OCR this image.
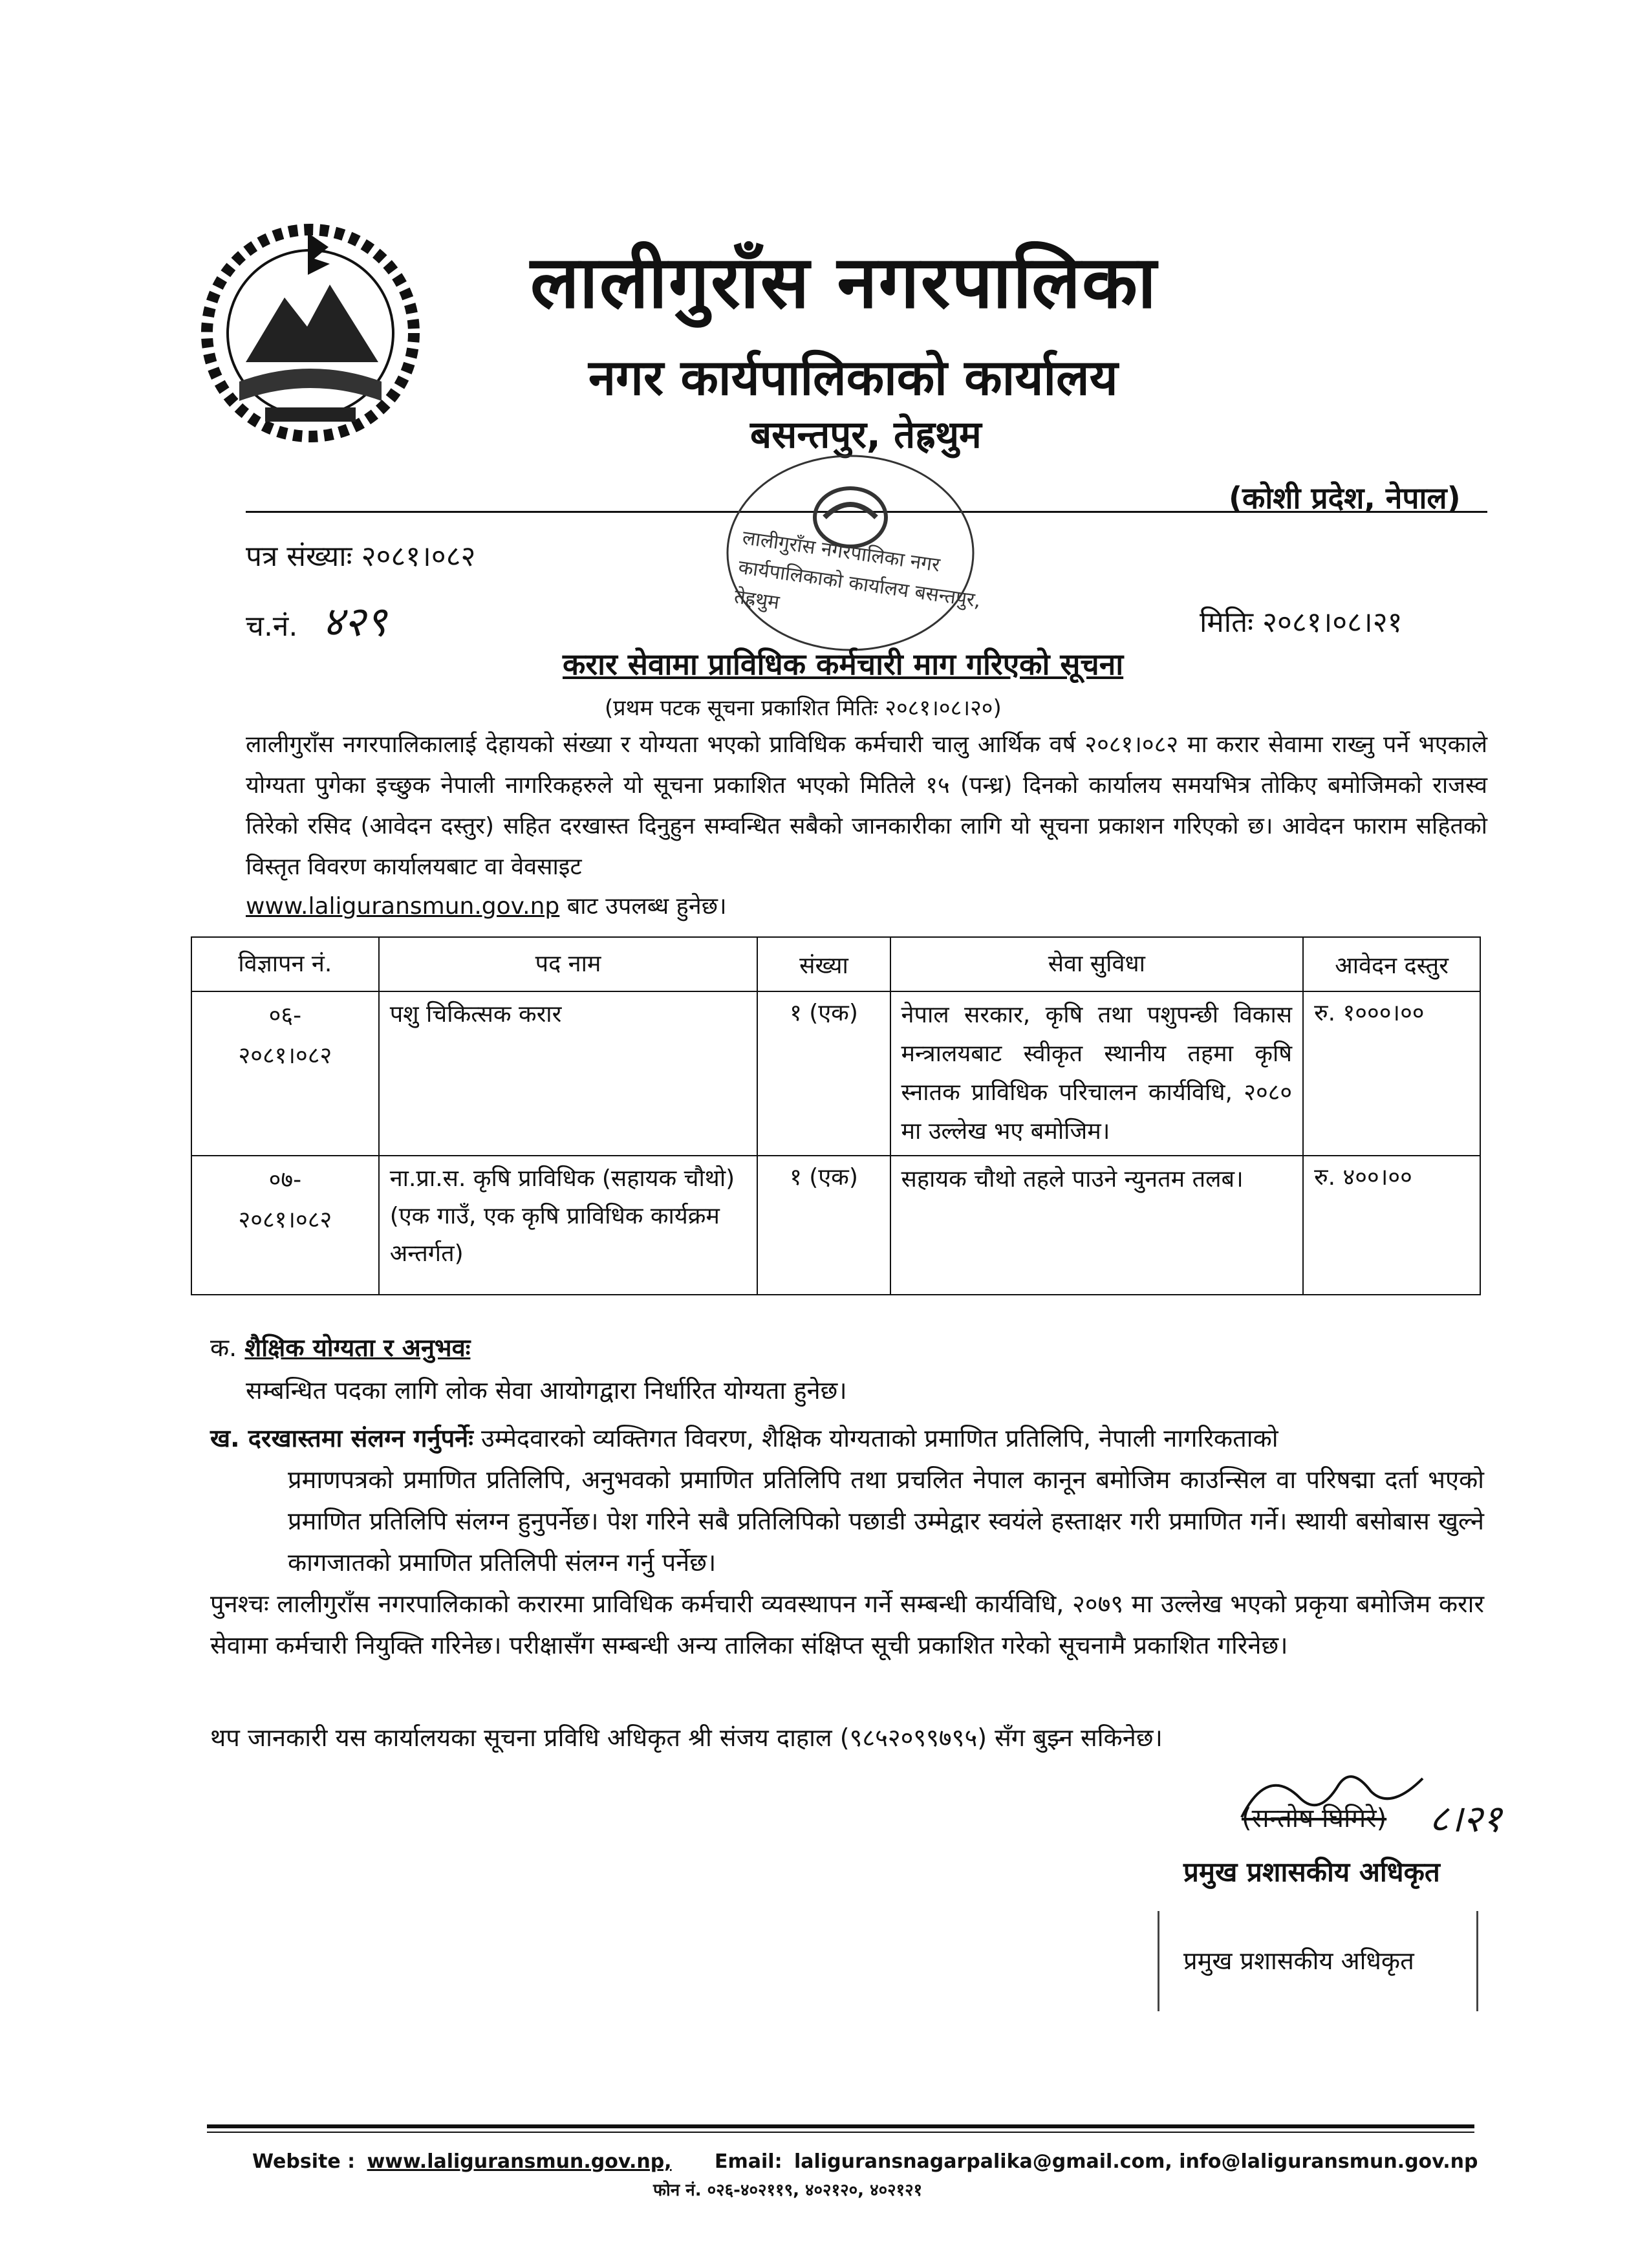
लालीगुराँस नगरपालिका
नगर कार्यपालिकाको कार्यालय
बसन्तपुर, तेह्रथुम
(कोशी प्रदेश, नेपाल)
लालीगुराँस नगरपालिका नगर कार्यपालिकाको कार्यालय बसन्तपुर, तेह्रथुम
पत्र संख्याः २०८१।०८२
च.नं. ४२९	मितिः २०८१।०८।२१
करार सेवामा प्राविधिक कर्मचारी माग गरिएको सूचना
(प्रथम पटक सूचना प्रकाशित मितिः २०८१।०८।२०)
लालीगुराँस नगरपालिकालाई देहायको संख्या र योग्यता भएको प्राविधिक कर्मचारी चालु आर्थिक वर्ष २०८१।०८२ मा करार सेवामा राख्नु पर्ने भएकाले योग्यता पुगेका इच्छुक नेपाली नागरिकहरुले यो सूचना प्रकाशित भएको मितिले १५ (पन्ध्र) दिनको कार्यालय समयभित्र तोकिए बमोजिमको राजस्व तिरेको रसिद (आवेदन दस्तुर) सहित दरखास्त दिनुहुन सम्वन्धित सबैको जानकारीका लागि यो सूचना प्रकाशन गरिएको छ। आवेदन फाराम सहितको विस्तृत विवरण कार्यालयबाट वा वेवसाइट
www.laliguransmun.gov.np बाट उपलब्ध हुनेछ।
विज्ञापन नं.	पद नाम	संख्या	सेवा सुविधा	आवेदन दस्तुर

०६-
२०८१।०८२	पशु चिकित्सक करार	१ (एक)	नेपाल सरकार, कृषि तथा पशुपन्छी विकास मन्त्रालयबाट स्वीकृत स्थानीय तहमा कृषि स्नातक प्राविधिक परिचालन कार्यविधि, २०८० मा उल्लेख भए बमोजिम।	रु. १०००।००

०७-
२०८१।०८२	ना.प्रा.स. कृषि प्राविधिक (सहायक चौथो) (एक गाउँ, एक कृषि प्राविधिक कार्यक्रम अन्तर्गत)	१ (एक)	सहायक चौथो तहले पाउने न्युनतम तलब।	रु. ४००।००
क. शैक्षिक योग्यता र अनुभवः
सम्बन्धित पदका लागि लोक सेवा आयोगद्वारा निर्धारित योग्यता हुनेछ।
ख. दरखास्तमा संलग्न गर्नुपर्नेः उम्मेदवारको व्यक्तिगत विवरण, शैक्षिक योग्यताको प्रमाणित प्रतिलिपि, नेपाली नागरिकताको
प्रमाणपत्रको प्रमाणित प्रतिलिपि, अनुभवको प्रमाणित प्रतिलिपि तथा प्रचलित नेपाल कानून बमोजिम काउन्सिल वा परिषद्मा दर्ता भएको प्रमाणित प्रतिलिपि संलग्न हुनुपर्नेछ। पेश गरिने सबै प्रतिलिपिको पछाडी उम्मेद्वार स्वयंले हस्ताक्षर गरी प्रमाणित गर्ने। स्थायी बसोबास खुल्ने कागजातको प्रमाणित प्रतिलिपी संलग्न गर्नु पर्नेछ।
पुनश्चः लालीगुराँस नगरपालिकाको करारमा प्राविधिक कर्मचारी व्यवस्थापन गर्ने सम्बन्धी कार्यविधि, २०७९ मा उल्लेख भएको प्रकृया बमोजिम करार सेवामा कर्मचारी नियुक्ति गरिनेछ। परीक्षासँग सम्बन्धी अन्य तालिका संक्षिप्त सूची प्रकाशित गरेको सूचनामै प्रकाशित गरिनेछ।
थप जानकारी यस कार्यालयका सूचना प्रविधि अधिकृत श्री संजय दाहाल (९८५२०९९७९५) सँग बुझ्न सकिनेछ।
(सन्तोष घिमिरे) ८।२१
प्रमुख प्रशासकीय अधिकृत
प्रमुख प्रशासकीय अधिकृत
Website : www.laliguransmun.gov.np, Email: laliguransnagarpalika@gmail.com, info@laliguransmun.gov.np
फोन नं. ०२६-४०२११९, ४०२१२०, ४०२१२१
